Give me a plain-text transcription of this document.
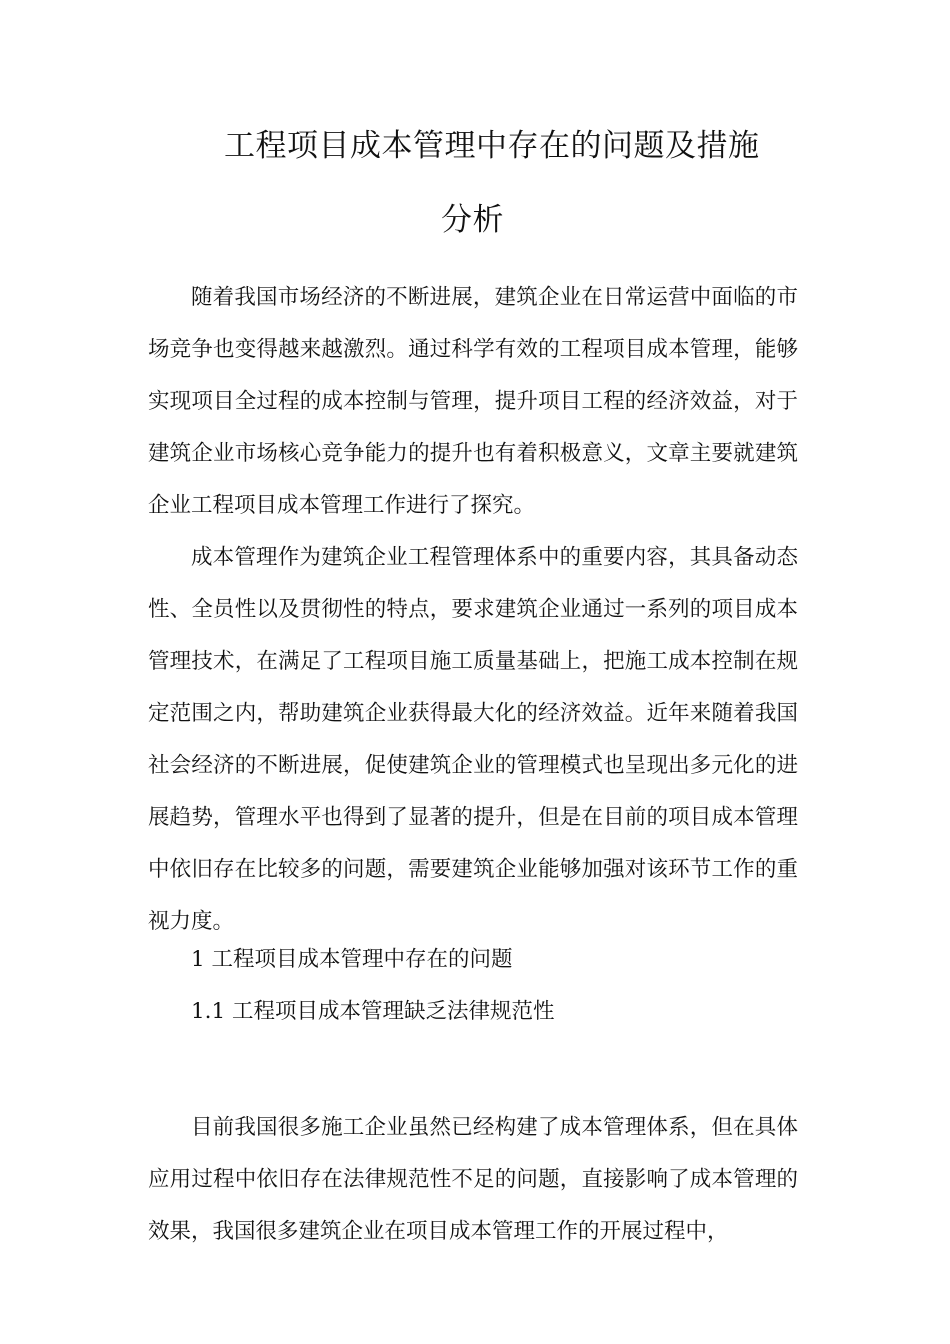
工程项目成本管理中存在的问题及措施
分析

随着我国市场经济的不断进展，建筑企业在日常运营中面临的市场竞争也变得越来越激烈。通过科学有效的工程项目成本管理，能够实现项目全过程的成本控制与管理，提升项目工程的经济效益，对于建筑企业市场核心竞争能力的提升也有着积极意义，文章主要就建筑企业工程项目成本管理工作进行了探究。

成本管理作为建筑企业工程管理体系中的重要内容，其具备动态性、全员性以及贯彻性的特点，要求建筑企业通过一系列的项目成本管理技术，在满足了工程项目施工质量基础上，把施工成本控制在规定范围之内，帮助建筑企业获得最大化的经济效益。近年来随着我国社会经济的不断进展，促使建筑企业的管理模式也呈现出多元化的进展趋势，管理水平也得到了显著的提升，但是在目前的项目成本管理中依旧存在比较多的问题，需要建筑企业能够加强对该环节工作的重视力度。

1 工程项目成本管理中存在的问题

1.1 工程项目成本管理缺乏法律规范性

目前我国很多施工企业虽然已经构建了成本管理体系，但在具体应用过程中依旧存在法律规范性不足的问题，直接影响了成本管理的效果，我国很多建筑企业在项目成本管理工作的开展过程中，
